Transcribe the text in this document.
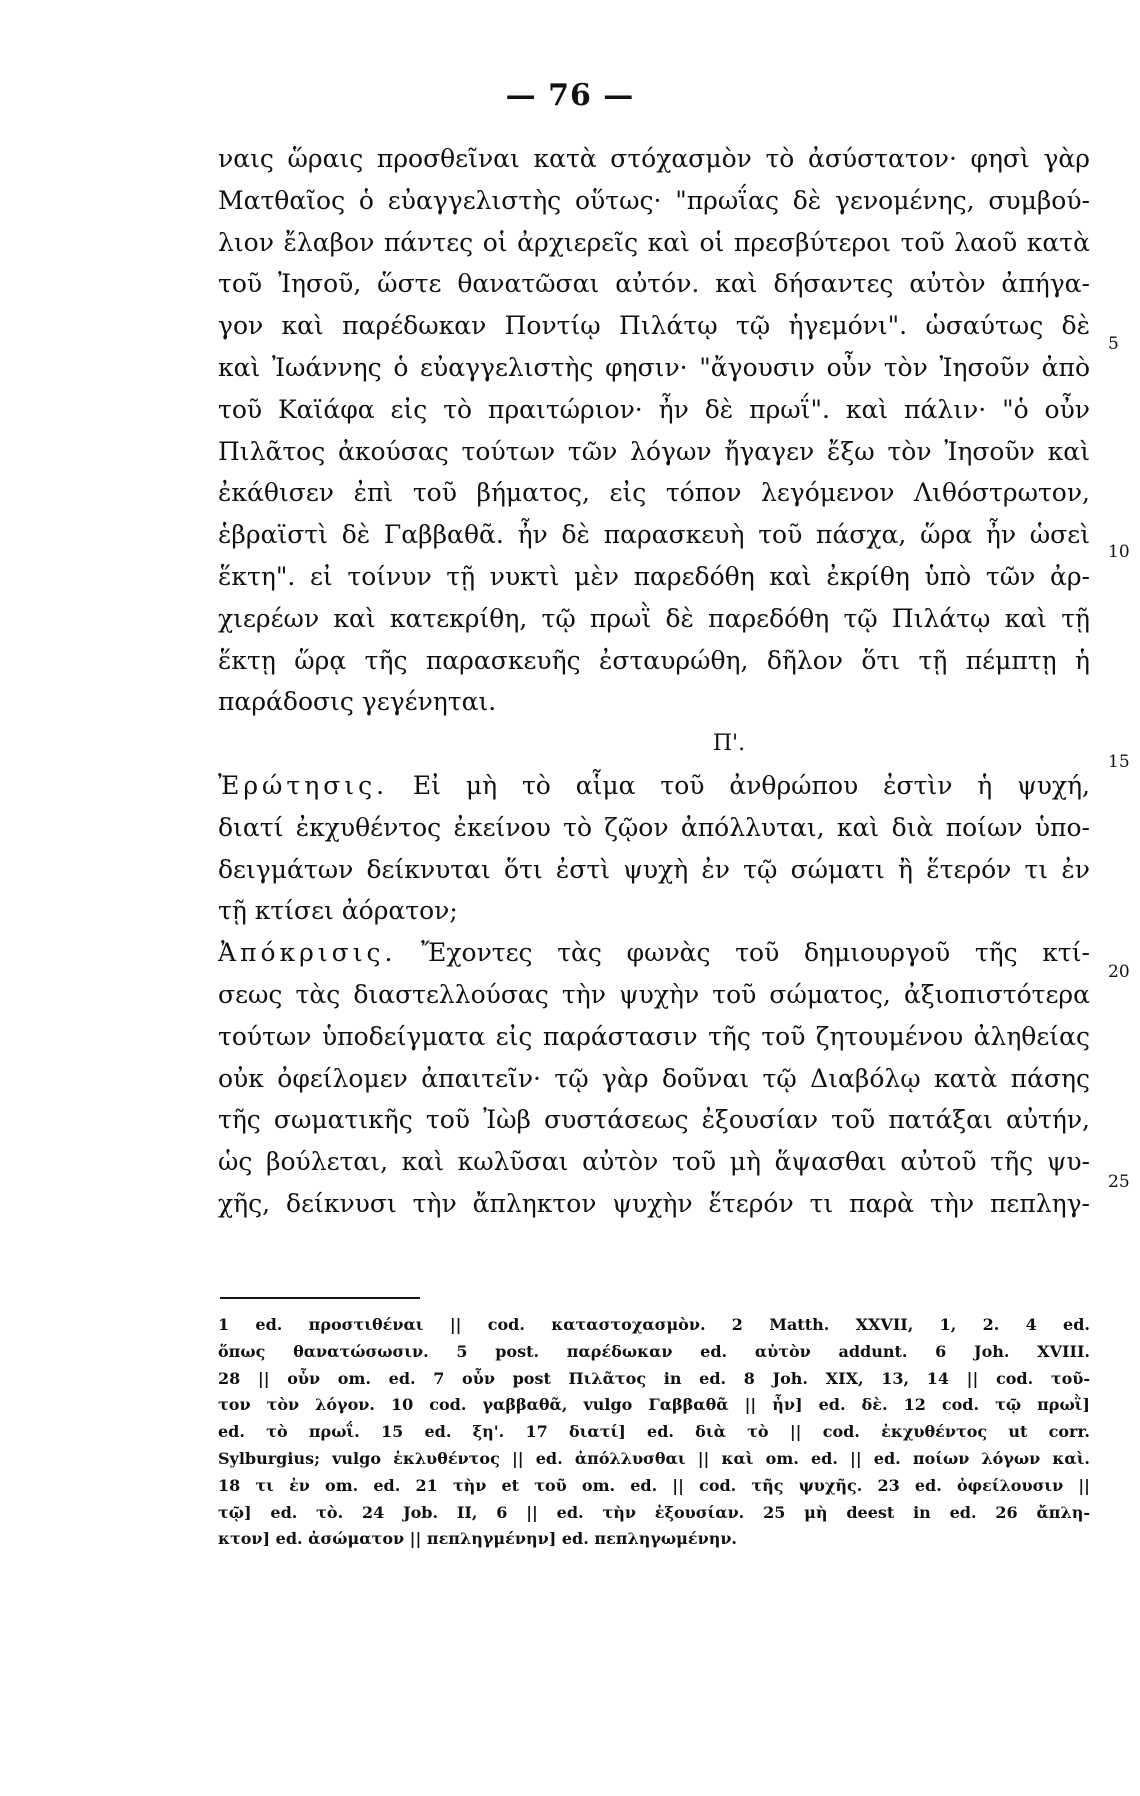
— 76 —
ναις ὥραις προσθεῖναι κατὰ στόχασμὸν τὸ ἀσύστατον· φησὶ γὰρ
Ματθαῖος ὁ εὐαγγελιστὴς οὕτως· "πρωΐας δὲ γενομένης, συμβού-
λιον ἔλαβον πάντες οἱ ἀρχιερεῖς καὶ οἱ πρεσβύτεροι τοῦ λαοῦ κατὰ
τοῦ Ἰησοῦ, ὥστε θανατῶσαι αὐτόν. καὶ δήσαντες αὐτὸν ἀπήγα-
γον καὶ παρέδωκαν Ποντίῳ Πιλάτῳ τῷ ἡγεμόνι". ὡσαύτως δὲ
καὶ Ἰωάννης ὁ εὐαγγελιστὴς φησιν· "ἄγουσιν οὖν τὸν Ἰησοῦν ἀπὸ
τοῦ Καϊάφα εἰς τὸ πραιτώριον· ἦν δὲ πρωΐ". καὶ πάλιν· "ὁ οὖν
Πιλᾶτος ἀκούσας τούτων τῶν λόγων ἤγαγεν ἔξω τὸν Ἰησοῦν καὶ
ἐκάθισεν ἐπὶ τοῦ βήματος, εἰς τόπον λεγόμενον Λιθόστρωτον,
ἑβραϊστὶ δὲ Γαββαθᾶ. ἦν δὲ παρασκευὴ τοῦ πάσχα, ὥρα ἦν ὡσεὶ
ἕκτη". εἰ τοίνυν τῇ νυκτὶ μὲν παρεδόθη καὶ ἐκρίθη ὑπὸ τῶν ἀρ-
χιερέων καὶ κατεκρίθη, τῷ πρωῒ δὲ παρεδόθη τῷ Πιλάτῳ καὶ τῇ
ἕκτῃ ὥρᾳ τῆς παρασκευῆς ἐσταυρώθη, δῆλον ὅτι τῇ πέμπτῃ ἡ
παράδοσις γεγένηται.
Π'.
Ἐρώτησις. Εἰ μὴ τὸ αἷμα τοῦ ἀνθρώπου ἐστὶν ἡ ψυχή,
διατί ἐκχυθέντος ἐκείνου τὸ ζῷον ἀπόλλυται, καὶ διὰ ποίων ὑπο-
δειγμάτων δείκνυται ὅτι ἐστὶ ψυχὴ ἐν τῷ σώματι ἢ ἕτερόν τι ἐν
τῇ κτίσει ἀόρατον;
Ἀπόκρισις. Ἔχοντες τὰς φωνὰς τοῦ δημιουργοῦ τῆς κτί-
σεως τὰς διαστελλούσας τὴν ψυχὴν τοῦ σώματος, ἀξιοπιστότερα
τούτων ὑποδείγματα εἰς παράστασιν τῆς τοῦ ζητουμένου ἀληθείας
οὐκ ὀφείλομεν ἀπαιτεῖν· τῷ γὰρ δοῦναι τῷ Διαβόλῳ κατὰ πάσης
τῆς σωματικῆς τοῦ Ἰὼβ συστάσεως ἐξουσίαν τοῦ πατάξαι αὐτήν,
ὡς βούλεται, καὶ κωλῦσαι αὐτὸν τοῦ μὴ ἅψασθαι αὐτοῦ τῆς ψυ-
χῆς, δείκνυσι τὴν ἄπληκτον ψυχὴν ἕτερόν τι παρὰ τὴν πεπληγ-
5
10
15
20
25
1 ed. προστιθέναι || cod. καταστοχασμὸν. 2 Matth. XXVII, 1, 2. 4 ed.
ὅπως θανατώσωσιν. 5 post. παρέδωκαν ed. αὐτὸν addunt. 6 Joh. XVIII.
28 || οὖν om. ed. 7 οὖν post Πιλᾶτος in ed. 8 Joh. XIX, 13, 14 || cod. τοῦ-
τον τὸν λόγον. 10 cod. γαββαθᾶ, vulgo Γαββαθᾶ || ἦν] ed. δὲ. 12 cod. τῷ πρωῒ]
ed. τὸ πρωΐ. 15 ed. ξη'. 17 διατί] ed. διὰ τὸ || cod. ἐκχυθέντος ut corr.
Sylburgius; vulgo ἐκλυθέντος || ed. ἀπόλλυσθαι || καὶ om. ed. || ed. ποίων λόγων καὶ.
18 τι ἐν om. ed. 21 τὴν et τοῦ om. ed. || cod. τῆς ψυχῆς. 23 ed. ὀφείλουσιν ||
τῷ] ed. τὸ. 24 Job. II, 6 || ed. τὴν ἐξουσίαν. 25 μὴ deest in ed. 26 ἄπλη-
κτον] ed. ἀσώματον || πεπληγμένην] ed. πεπληγωμένην.
